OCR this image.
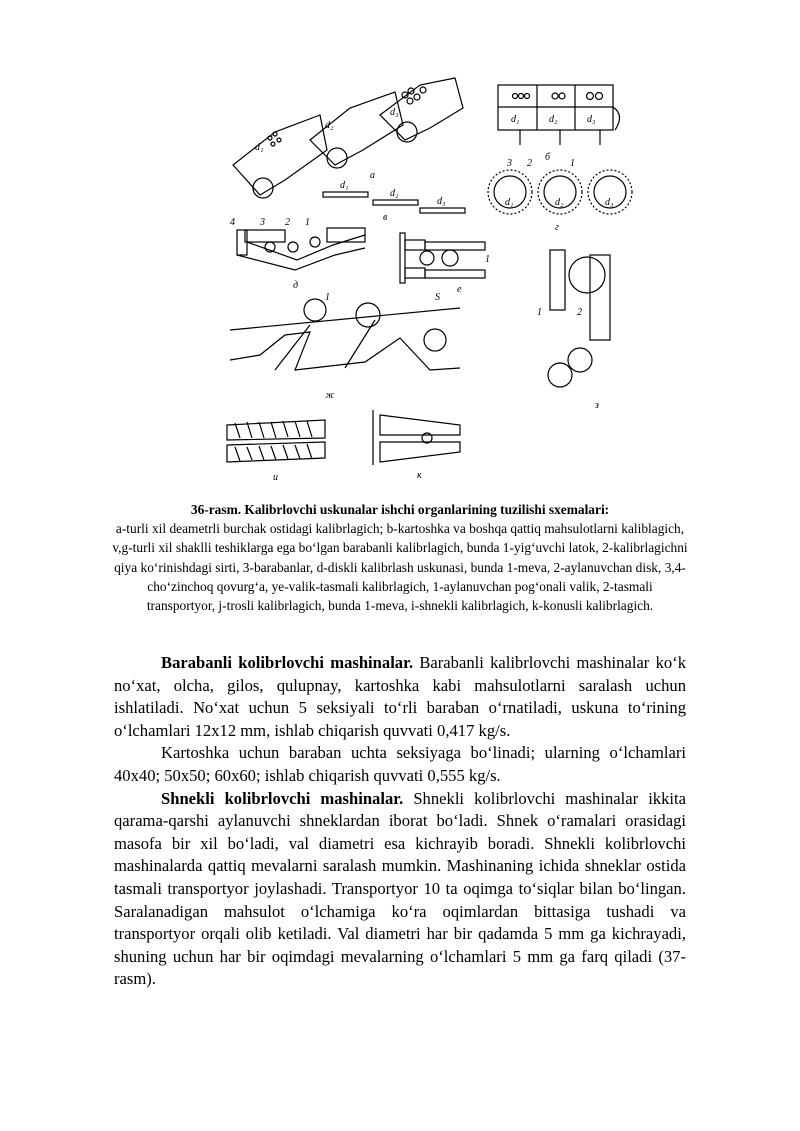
d₁
d₂
d₃
а
d₁	d₂	d₃
б
d₁	d₂	d₃
3 2	1
г
d₁
d₂
d₃
в
4	3 2 1
д
1
е
1	2
з
S
1
ж
и	к
36-rasm. Kalibrlovchi uskunalar ishchi organlarining tuzilishi sxemalari:
a-turli xil deametrli burchak ostidagi kalibrlagich; b-kartoshka va boshqa qattiq mahsulotlarni kaliblagich, v,g-turli xil shaklli teshiklarga ega bo‘lgan barabanli kalibrlagich, bunda 1-yig‘uvchi latok, 2-kalibrlagichni qiya ko‘rinishdagi sirti, 3-barabanlar, d-diskli kalibrlash uskunasi, bunda 1-meva, 2-aylanuvchan disk, 3,4-cho‘zinchoq qovurg‘a, ye-valik-tasmali kalibrlagich, 1-aylanuvchan pog‘onali valik, 2-tasmali transportyor, j-trosli kalibrlagich, bunda 1-meva, i-shnekli kalibrlagich, k-konusli kalibrlagich.

Barabanli kolibrlovchi mashinalar. Barabanli kalibrlovchi mashinalar ko‘k no‘xat, olcha, gilos, qulupnay, kartoshka kabi mahsulotlarni saralash uchun ishlatiladi. No‘xat uchun 5 seksiyali to‘rli baraban o‘rnatiladi, uskuna to‘rining o‘lchamlari 12x12 mm, ishlab chiqarish quvvati 0,417 kg/s.

Kartoshka uchun baraban uchta seksiyaga bo‘linadi; ularning o‘lchamlari 40x40; 50x50; 60x60; ishlab chiqarish quvvati 0,555 kg/s.

Shnekli kolibrlovchi mashinalar. Shnekli kolibrlovchi mashinalar ikkita qarama-qarshi aylanuvchi shneklardan iborat bo‘ladi. Shnek o‘ramalari orasidagi masofa bir xil bo‘ladi, val diametri esa kichrayib boradi. Shnekli kolibrlovchi mashinalarda qattiq mevalarni saralash mumkin. Mashinaning ichida shneklar ostida tasmali transportyor joylashadi. Transportyor 10 ta oqimga to‘siqlar bilan bo‘lingan. Saralanadigan mahsulot o‘lchamiga ko‘ra oqimlardan bittasiga tushadi va transportyor orqali olib ketiladi. Val diametri har bir qadamda 5 mm ga kichrayadi, shuning uchun har bir oqimdagi mevalarning o‘lchamlari 5 mm ga farq qiladi (37-rasm).
